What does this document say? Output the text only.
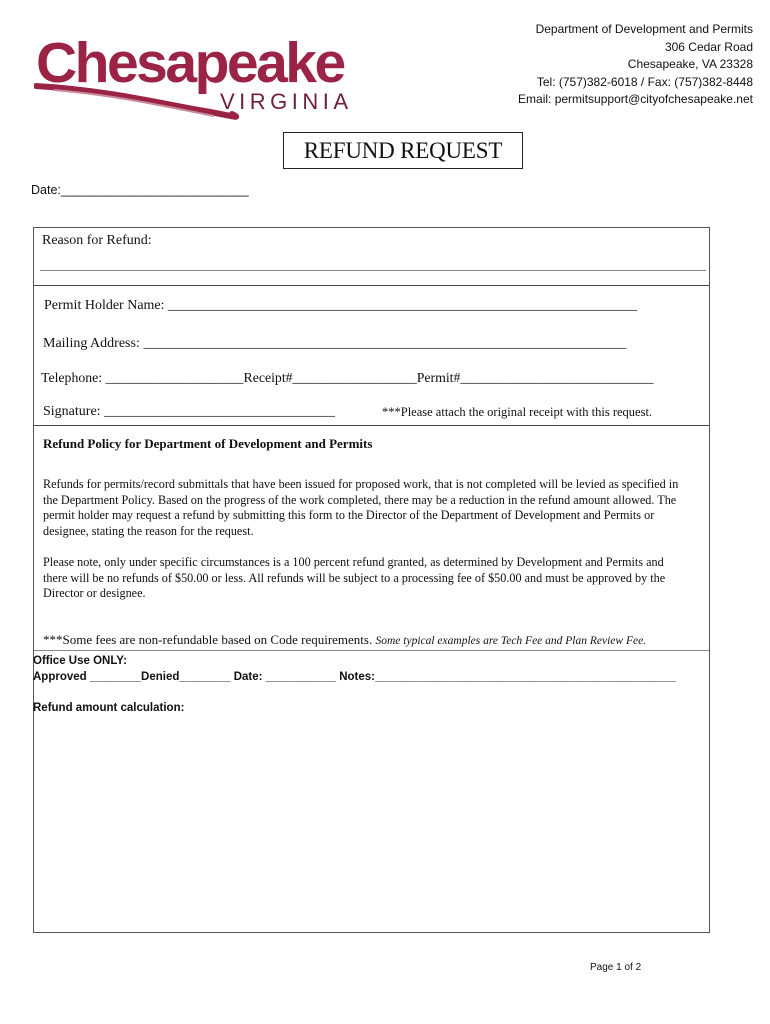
Chesapeake
VIRGINIA
Department of Development and Permits
306 Cedar Road
Chesapeake, VA 23328
Tel: (757)382-6018 / Fax: (757)382-8448
Email: permitsupport@cityofchesapeake.net
REFUND REQUEST
Date:___________________________
Reason for Refund:
Permit Holder Name: ___________________________________________________________________
Mailing Address: _____________________________________________________________________
Telephone: ____________________Receipt#__________________Permit#____________________________
Signature: _________________________________	***Please attach the original receipt with this request.
Refund Policy for Department of Development and Permits
Refunds for permits/record submittals that have been issued for proposed work, that is not completed will be levied as specified in the Department Policy. Based on the progress of the work completed, there may be a reduction in the refund amount allowed. The permit holder may request a refund by submitting this form to the Director of the Department of Development and Permits or designee, stating the reason for the request.
Please note, only under specific circumstances is a 100 percent refund granted, as determined by Development and Permits and there will be no refunds of $50.00 or less. All refunds will be subject to a processing fee of $50.00 and must be approved by the Director or designee.
***Some fees are non-refundable based on Code requirements. Some typical examples are Tech Fee and Plan Review Fee.
Office Use ONLY:
Approved ________Denied________ Date: ___________ Notes:_______________________________________________
Refund amount calculation:
Page 1 of 2
